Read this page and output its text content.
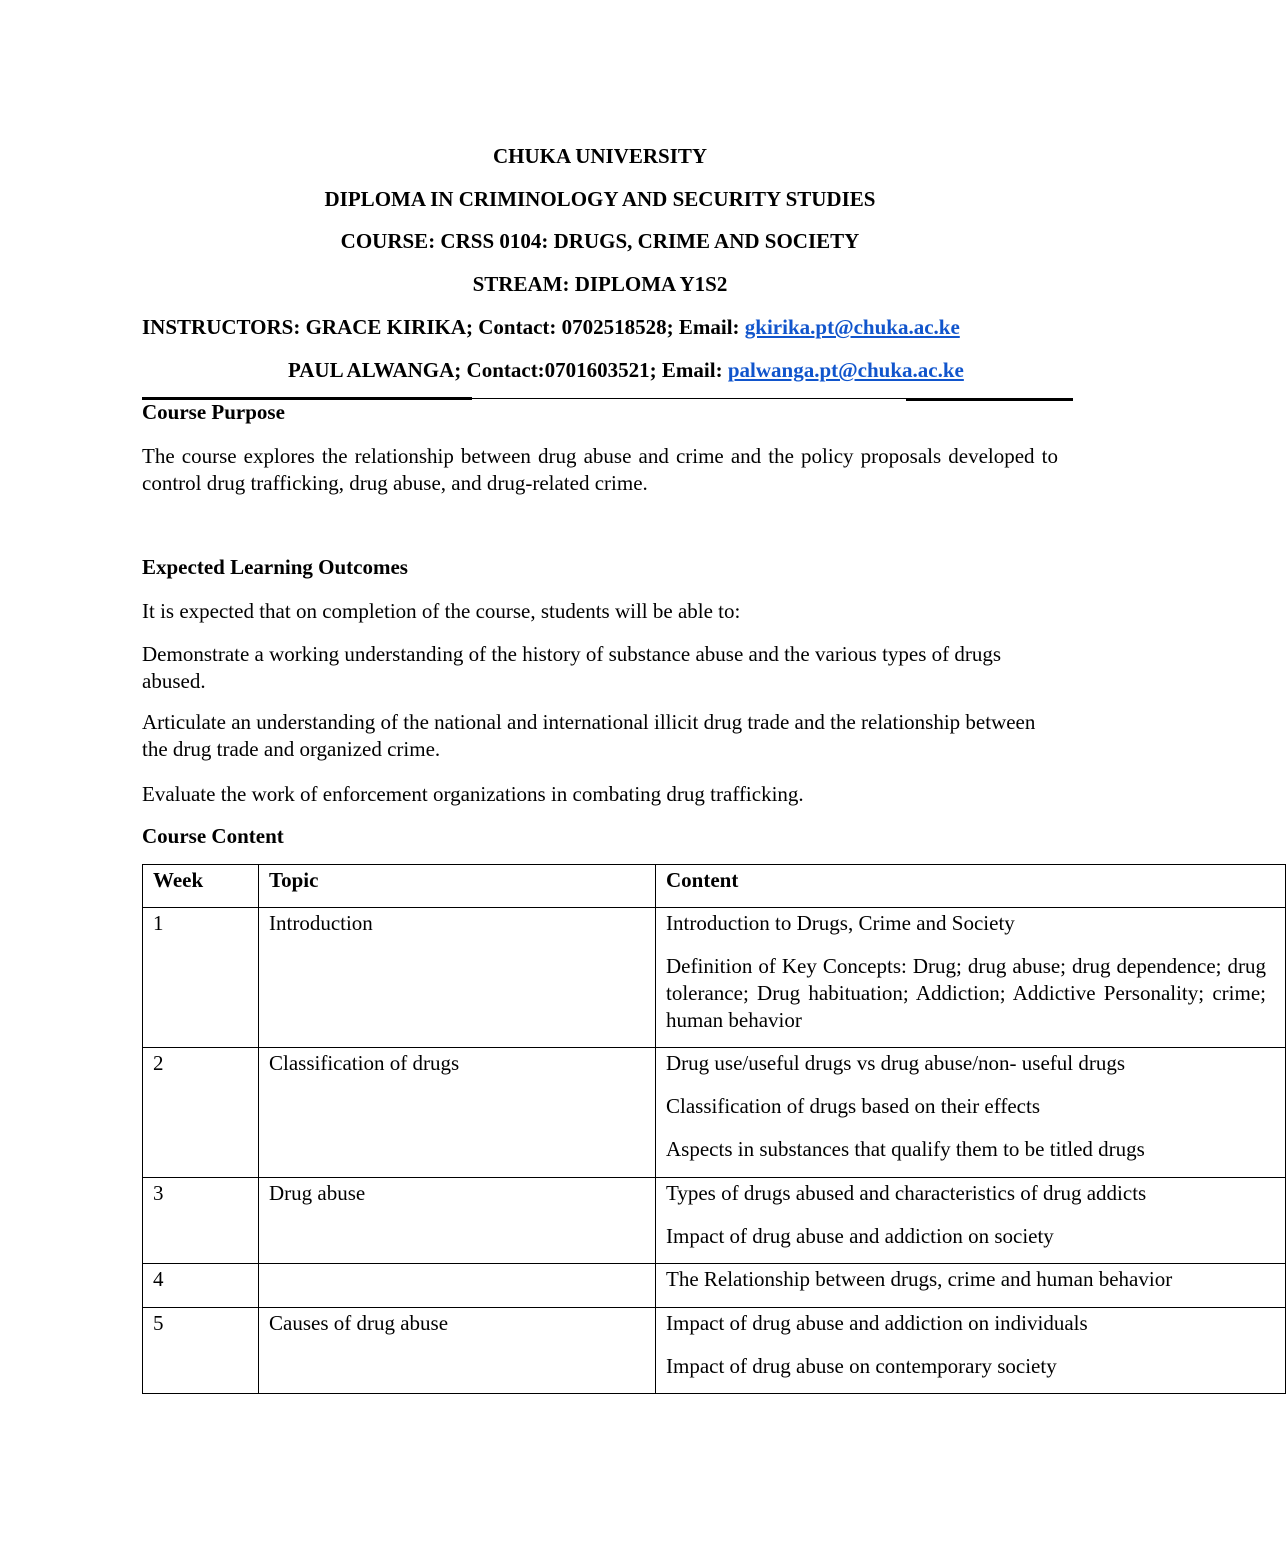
CHUKA UNIVERSITY
DIPLOMA IN CRIMINOLOGY AND SECURITY STUDIES
COURSE: CRSS 0104: DRUGS, CRIME AND SOCIETY
STREAM: DIPLOMA Y1S2
INSTRUCTORS: GRACE KIRIKA; Contact: 0702518528; Email: gkirika.pt@chuka.ac.ke
PAUL ALWANGA; Contact:0701603521; Email: palwanga.pt@chuka.ac.ke
Course Purpose
The course explores the relationship between drug abuse and crime and the policy proposals developed to control drug trafficking, drug abuse, and drug-related crime.
Expected Learning Outcomes
It is expected that on completion of the course, students will be able to:
Demonstrate a working understanding of the history of substance abuse and the various types of drugs abused.
Articulate an understanding of the national and international illicit drug trade and the relationship between the drug trade and organized crime.
Evaluate the work of enforcement organizations in combating drug trafficking.
Course Content
Week	Topic	Content
1	Introduction	Introduction to Drugs, Crime and Society

Definition of Key Concepts: Drug; drug abuse; drug dependence; drug tolerance; Drug habituation; Addiction; Addictive Personality; crime; human behavior

2	Classification of drugs	Drug use/useful drugs vs drug abuse/non- useful drugs

Classification of drugs based on their effects

Aspects in substances that qualify them to be titled drugs

3	Drug abuse	Types of drugs abused and characteristics of drug addicts

Impact of drug abuse and addiction on society

4		The Relationship between drugs, crime and human behavior

5	Causes of drug abuse	Impact of drug abuse and addiction on individuals

Impact of drug abuse on contemporary society
